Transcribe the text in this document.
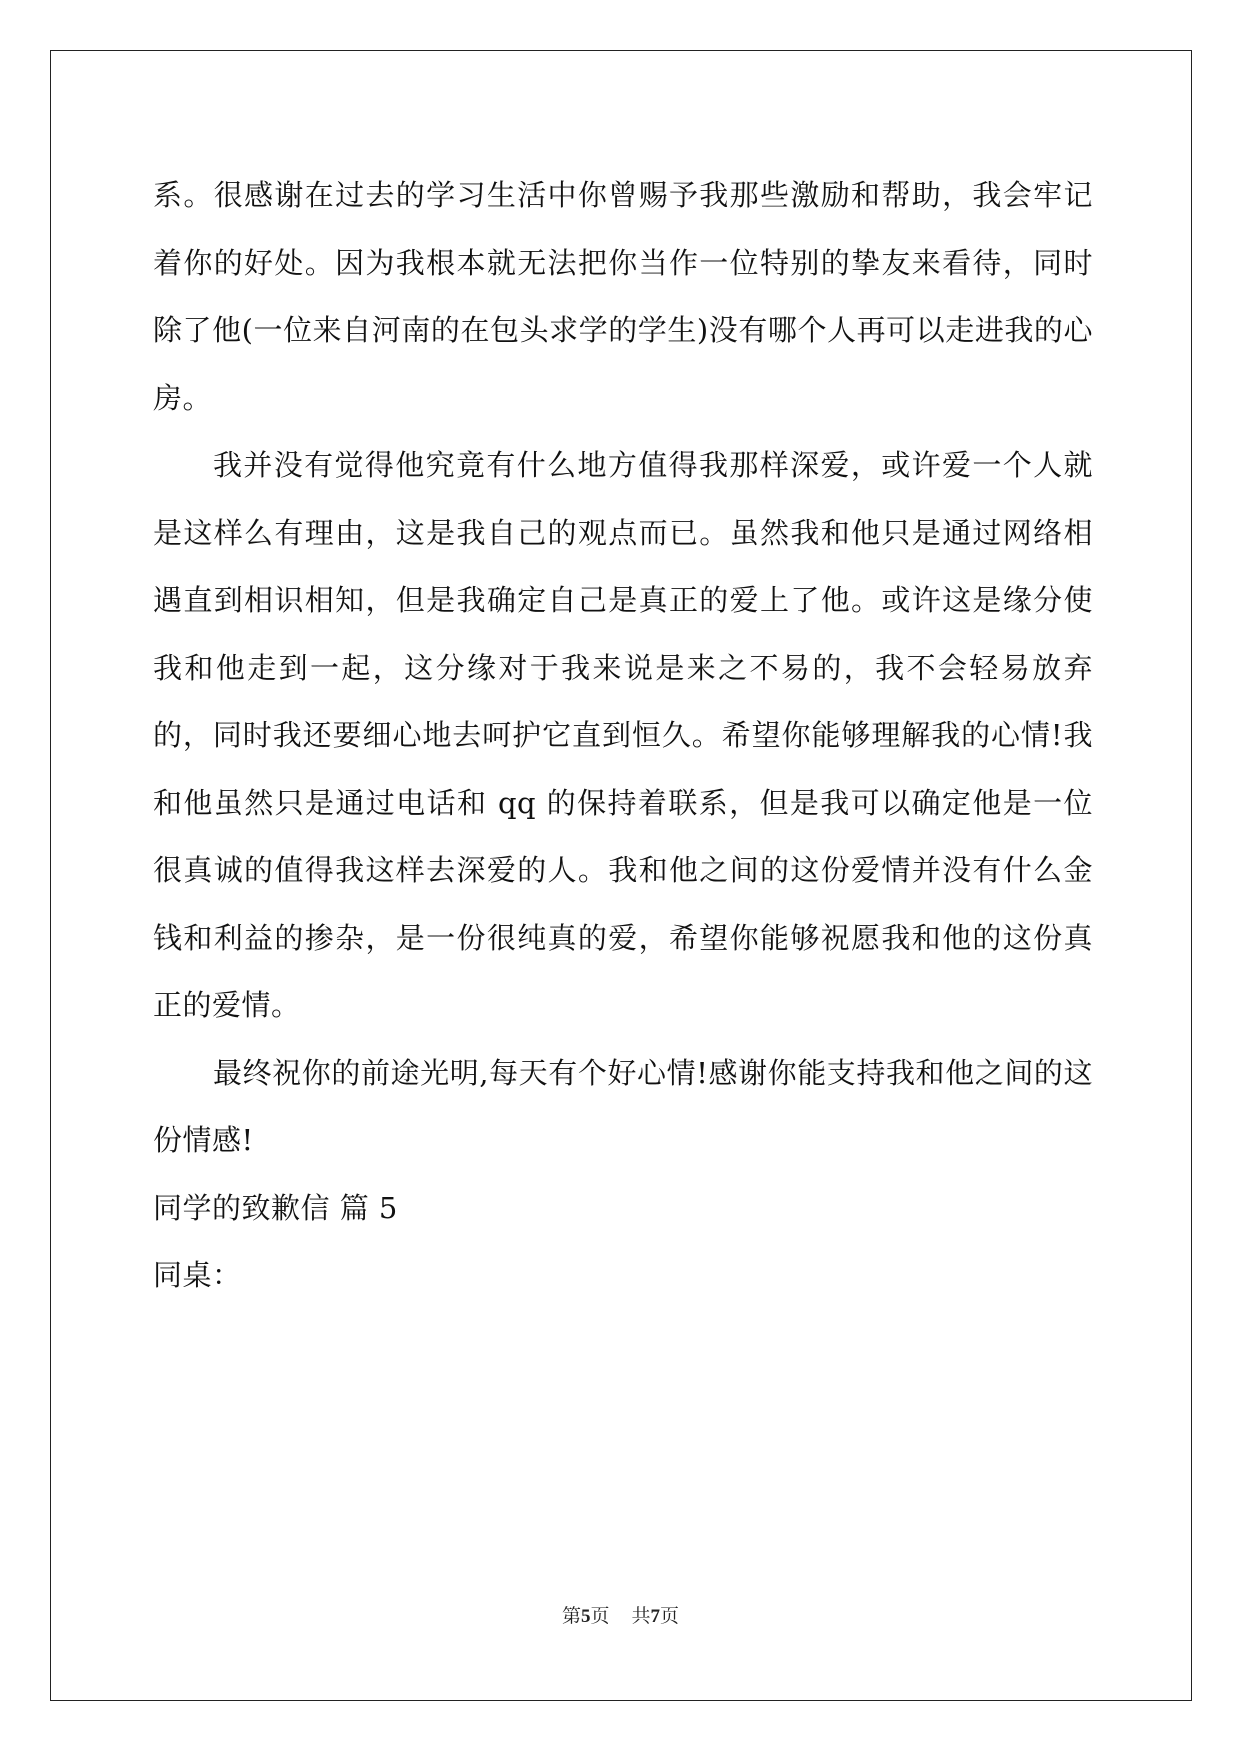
系。很感谢在过去的学习生活中你曾赐予我那些激励和帮助，我会牢记着你的好处。因为我根本就无法把你当作一位特别的挚友来看待，同时除了他(一位来自河南的在包头求学的学生)没有哪个人再可以走进我的心房。

我并没有觉得他究竟有什么地方值得我那样深爱，或许爱一个人就是这样么有理由，这是我自己的观点而已。虽然我和他只是通过网络相遇直到相识相知，但是我确定自己是真正的爱上了他。或许这是缘分使我和他走到一起，这分缘对于我来说是来之不易的，我不会轻易放弃的，同时我还要细心地去呵护它直到恒久。希望你能够理解我的心情!我和他虽然只是通过电话和 qq 的保持着联系，但是我可以确定他是一位很真诚的值得我这样去深爱的人。我和他之间的这份爱情并没有什么金钱和利益的掺杂，是一份很纯真的爱，希望你能够祝愿我和他的这份真正的爱情。

最终祝你的前途光明,每天有个好心情!感谢你能支持我和他之间的这份情感!

同学的致歉信 篇 5

同桌：

第5页 共7页
